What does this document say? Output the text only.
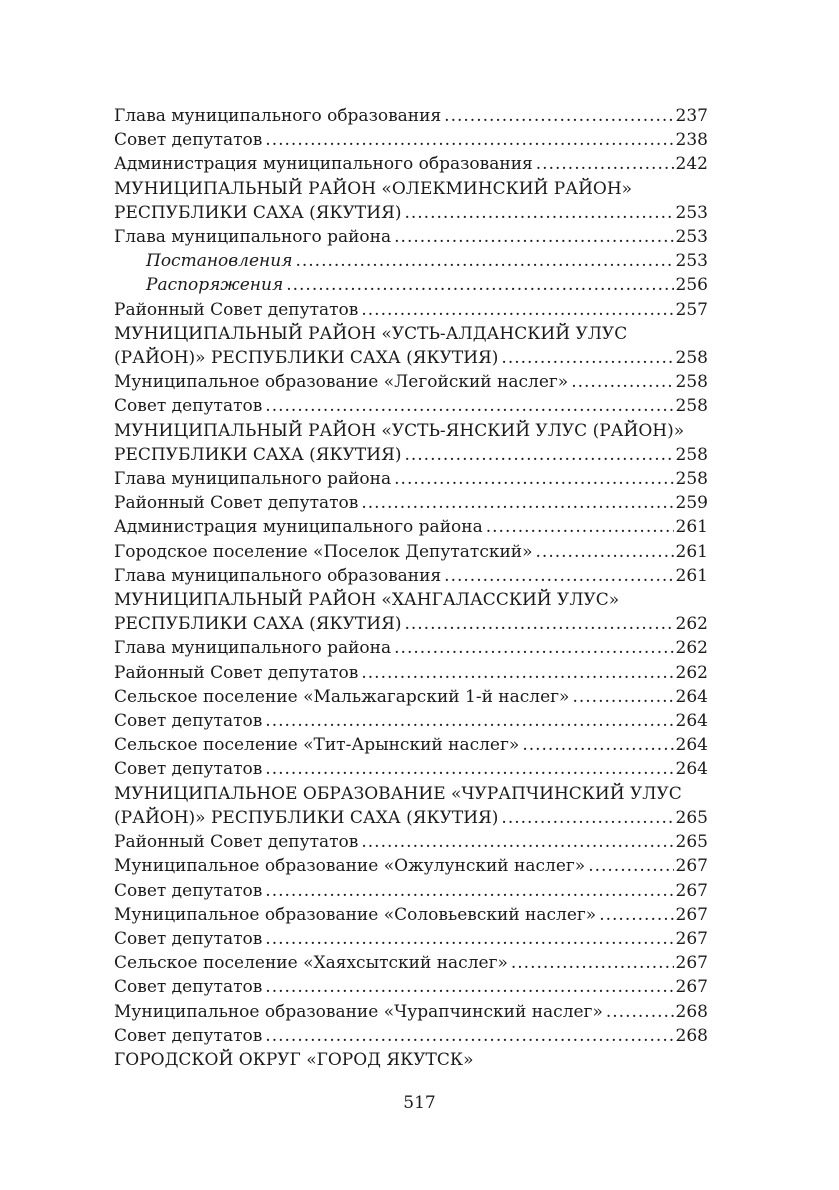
Глава муниципального образования .....	237
Совет депутатов .....	238
Администрация муниципального образования .....	242
МУНИЦИПАЛЬНЫЙ РАЙОН «ОЛЕКМИНСКИЙ РАЙОН»
РЕСПУБЛИКИ САХА (ЯКУТИЯ) .....	253
Глава муниципального района .....	253
Постановления .....	253
Распоряжения .....	256
Районный Совет депутатов .....	257
МУНИЦИПАЛЬНЫЙ РАЙОН «УСТЬ-АЛДАНСКИЙ УЛУС
(РАЙОН)» РЕСПУБЛИКИ САХА (ЯКУТИЯ) .....	258
Муниципальное образование «Легойский наслег» .....	258
Совет депутатов .....	258
МУНИЦИПАЛЬНЫЙ РАЙОН «УСТЬ-ЯНСКИЙ УЛУС (РАЙОН)»
РЕСПУБЛИКИ САХА (ЯКУТИЯ) .....	258
Глава муниципального района .....	258
Районный Совет депутатов .....	259
Администрация муниципального района .....	261
Городское поселение «Поселок Депутатский» .....	261
Глава муниципального образования .....	261
МУНИЦИПАЛЬНЫЙ РАЙОН «ХАНГАЛАССКИЙ УЛУС»
РЕСПУБЛИКИ САХА (ЯКУТИЯ) .....	262
Глава муниципального района .....	262
Районный Совет депутатов .....	262
Сельское поселение «Мальжагарский 1-й наслег» .....	264
Совет депутатов .....	264
Сельское поселение «Тит-Арынский наслег» .....	264
Совет депутатов .....	264
МУНИЦИПАЛЬНОЕ ОБРАЗОВАНИЕ «ЧУРАПЧИНСКИЙ УЛУС
(РАЙОН)» РЕСПУБЛИКИ САХА (ЯКУТИЯ) .....	265
Районный Совет депутатов .....	265
Муниципальное образование «Ожулунский наслег» .....	267
Совет депутатов .....	267
Муниципальное образование «Соловьевский наслег» .....	267
Совет депутатов .....	267
Сельское поселение «Хаяхсытский наслег» .....	267
Совет депутатов .....	267
Муниципальное образование «Чурапчинский наслег» .....	268
Совет депутатов .....	268
ГОРОДСКОЙ ОКРУГ «ГОРОД ЯКУТСК»
517
